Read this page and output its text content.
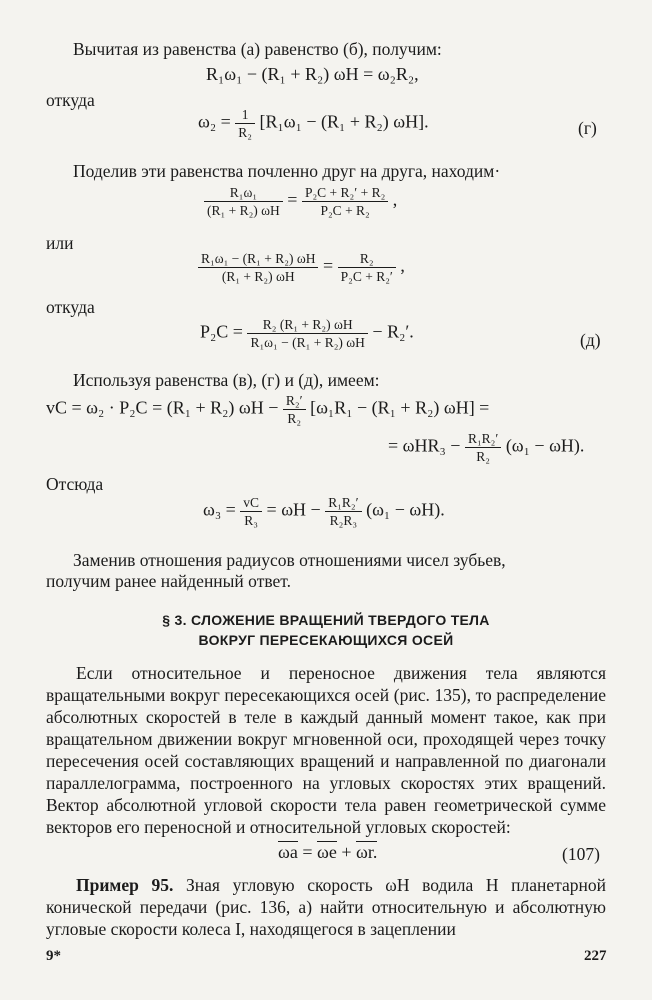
Вычитая из равенства (а) равенство (б), получим:
R₁ω₁ − (R₁ + R₂) ωH = ω₂R₂,
откуда
$\omega_2 = \frac{1}{\text{R₂}} [R_1\omega_1 - (R_1 + R_2)$ ωH].	(г)
Поделив эти равенства почленно друг на друга, находим·
$\frac{\text{R₁ω₁}}{\text{(R₁ + R₂) ωH}} = \frac{\text{P₂C + R₂′ + R₂}}{\text{P₂C + R₂}}$ ,
или
$\frac{\text{R₁ω₁ − (R₁ + R₂) ωH}}{\text{(R₁ + R₂) ωH}} = \frac{\text{R₂}}{\text{P₂C + R₂′}}$ ,
откуда
$P_2C = \frac{\text{R₂ (R₁ + R₂) ωH}}{\text{R₁ω₁ − (R₁ + R₂) ωH}} - R_2'$.	(д)
Используя равенства (в), (г) и (д), имеем:
vC = ω₂ · P₂C = (R₁ + R₂) $\omega H - \frac{\text{R₂′}}{\text{R₂}} [\omega_1R_1 - (R_1 + R_2) \omega H]$ =
= $\omega HR_3 - \frac{\text{R₁R₂′}}{\text{R₂}} (\omega_1 - \omega H)$.
Отсюда
$\omega_3 = \frac{vC}{\text{R₃}} = \omega H - \frac{\text{R₁R₂′}}{\text{R₂R₃}} (\omega_1 - \omega H)$.
Заменив отношения радиусов отношениями чисел зубьев,
получим ранее найденный ответ.
§ 3. СЛОЖЕНИЕ ВРАЩЕНИЙ ТВЕРДОГО ТЕЛА
ВОКРУГ ПЕРЕСЕКАЮЩИХСЯ ОСЕЙ
Если относительное и переносное движения тела являются вращательными вокруг пересекающихся осей (рис. 135), то распределение абсолютных скоростей в теле в каждый данный момент такое, как при вращательном движении вокруг мгновенной оси, проходящей через точку пересечения осей составляющих вращений и направленной по диагонали параллелограмма, построенного на угловых скоростях этих вращений. Вектор абсолютной угловой скорости тела равен геометрической сумме векторов его переносной и относительной угловых скоростей:
ωa = ωe + ωr.	(107)
Пример 95. Зная угловую скорость ωH водила H планетарной конической передачи (рис. 136, а) найти относительную и абсолютную угловые скорости колеса I, находящегося в зацеплении
9*	227
